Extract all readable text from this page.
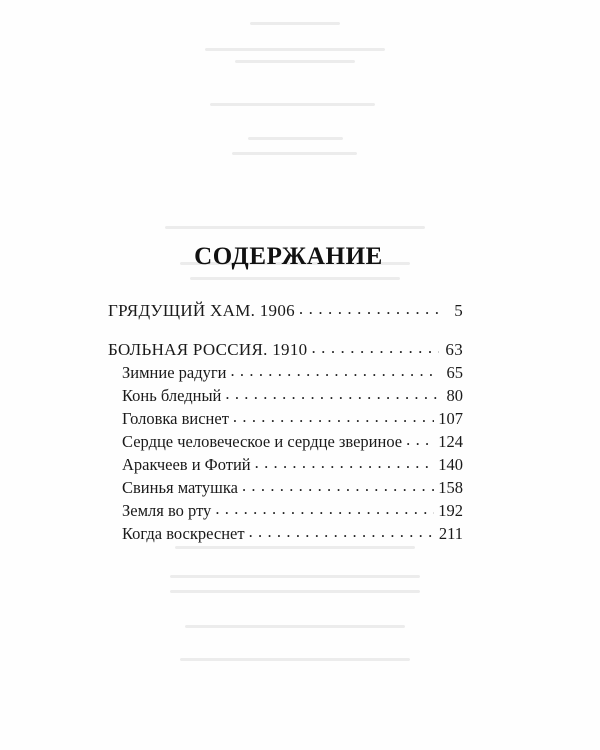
СОДЕРЖАНИЕ
ГРЯДУЩИЙ ХАМ. 1906 . . .	5
БОЛЬНАЯ РОССИЯ. 1910 . . .	63
Зимние радуги . . .	65
Конь бледный . . .	80
Головка виснет . . .	107
Сердце человеческое и сердце звериное . . . 124
Аракчеев и Фотий . . .	140
Свинья матушка . . .	158
Земля во рту . . .	192
Когда воскреснет . . .	211
